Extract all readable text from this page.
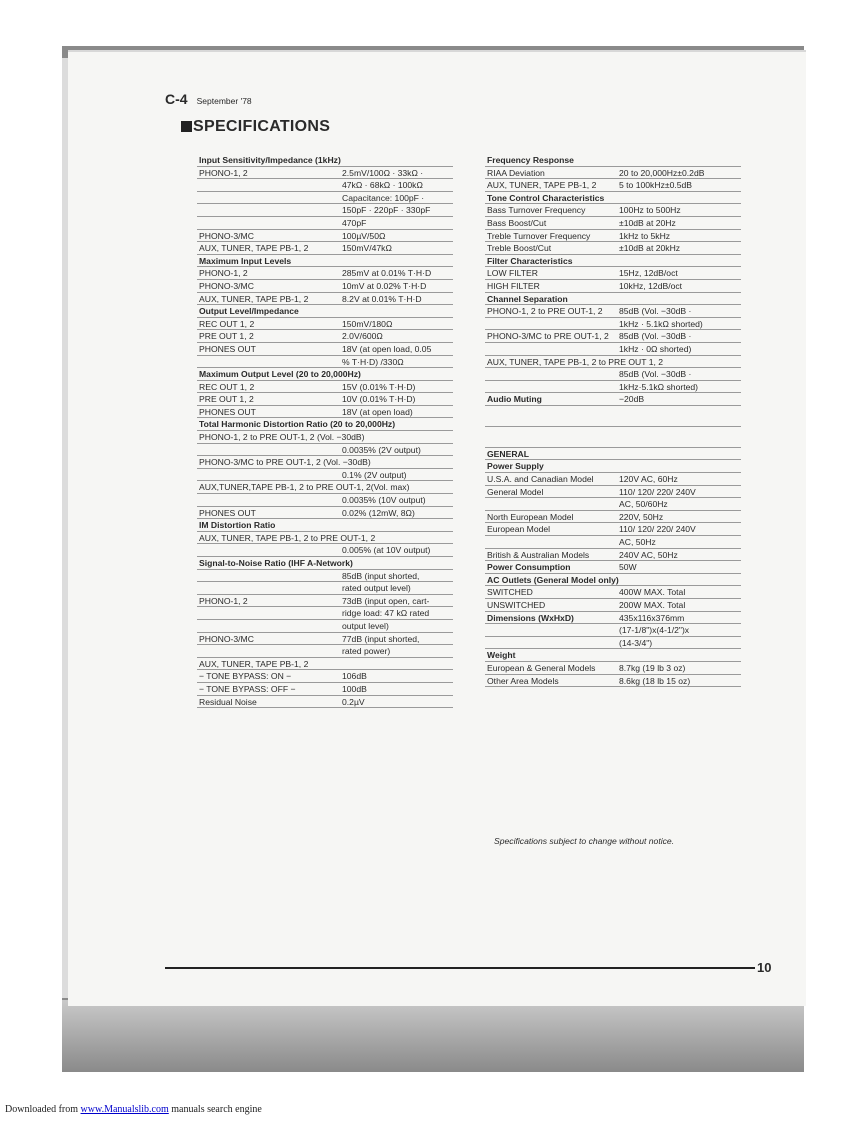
C-4 September '78
SPECIFICATIONS
Input Sensitivity/Impedance (1kHz)
PHONO-1, 2	2.5mV/100Ω · 33kΩ ·
47kΩ · 68kΩ · 100kΩ
Capacitance: 100pF ·
150pF · 220pF · 330pF
470pF
PHONO-3/MC	100µV/50Ω
AUX, TUNER, TAPE PB-1, 2	150mV/47kΩ
Maximum Input Levels
PHONO-1, 2	285mV at 0.01% T·H·D
PHONO-3/MC	10mV at 0.02% T·H·D
AUX, TUNER, TAPE PB-1, 2	8.2V at 0.01% T·H·D
Output Level/Impedance
REC OUT 1, 2	150mV/180Ω
PRE OUT 1, 2	2.0V/600Ω
PHONES OUT	18V (at open load, 0.05
% T·H·D) /330Ω
Maximum Output Level (20 to 20,000Hz)
REC OUT 1, 2	15V (0.01% T·H·D)
PRE OUT 1, 2	10V (0.01% T·H·D)
PHONES OUT	18V (at open load)
Total Harmonic Distortion Ratio (20 to 20,000Hz)
PHONO-1, 2 to PRE OUT-1, 2 (Vol. −30dB)
0.0035% (2V output)
PHONO-3/MC to PRE OUT-1, 2 (Vol. −30dB)
0.1% (2V output)
AUX,TUNER,TAPE PB-1, 2 to PRE OUT-1, 2(Vol. max)
0.0035% (10V output)
PHONES OUT	0.02% (12mW, 8Ω)
IM Distortion Ratio
AUX, TUNER, TAPE PB-1, 2 to PRE OUT-1, 2
0.005% (at 10V output)
Signal-to-Noise Ratio (IHF A-Network)
85dB (input shorted,
rated output level)
PHONO-1, 2	73dB (input open, cart-
ridge load: 47 kΩ rated
output level)
PHONO-3/MC	77dB (input shorted,
rated power)
AUX, TUNER, TAPE PB-1, 2
− TONE BYPASS: ON −	106dB
− TONE BYPASS: OFF −	100dB
Residual Noise	0.2µV
Frequency Response
RIAA Deviation	20 to 20,000Hz±0.2dB
AUX, TUNER, TAPE PB-1, 2	5 to 100kHz±0.5dB
Tone Control Characteristics
Bass Turnover Frequency	100Hz to 500Hz
Bass Boost/Cut	±10dB at 20Hz
Treble Turnover Frequency	1kHz to 5kHz
Treble Boost/Cut	±10dB at 20kHz
Filter Characteristics
LOW FILTER	15Hz, 12dB/oct
HIGH FILTER	10kHz, 12dB/oct
Channel Separation
PHONO-1, 2 to PRE OUT-1, 2 85dB (Vol. −30dB ·
1kHz · 5.1kΩ shorted)
PHONO-3/MC to PRE OUT-1, 2 85dB (Vol. −30dB ·
1kHz · 0Ω shorted)
AUX, TUNER, TAPE PB-1, 2 to PRE OUT 1, 2
85dB (Vol. −30dB ·
1kHz·5.1kΩ shorted)
Audio Muting	−20dB
GENERAL
Power Supply
U.S.A. and Canadian Model	120V AC, 60Hz
General Model	110/ 120/ 220/ 240V
AC, 50/60Hz
North European Model	220V, 50Hz
European Model	110/ 120/ 220/ 240V
AC, 50Hz
British & Australian Models	240V AC, 50Hz
Power Consumption	50W
AC Outlets (General Model only)
SWITCHED	400W MAX. Total
UNSWITCHED	200W MAX. Total
Dimensions (WxHxD)	435x116x376mm
(17-1/8")x(4-1/2")x
(14-3/4")
Weight
European & General Models	8.7kg (19 lb 3 oz)
Other Area Models	8.6kg (18 lb 15 oz)
Specifications subject to change without notice.
10
Downloaded from www.Manualslib.com manuals search engine
